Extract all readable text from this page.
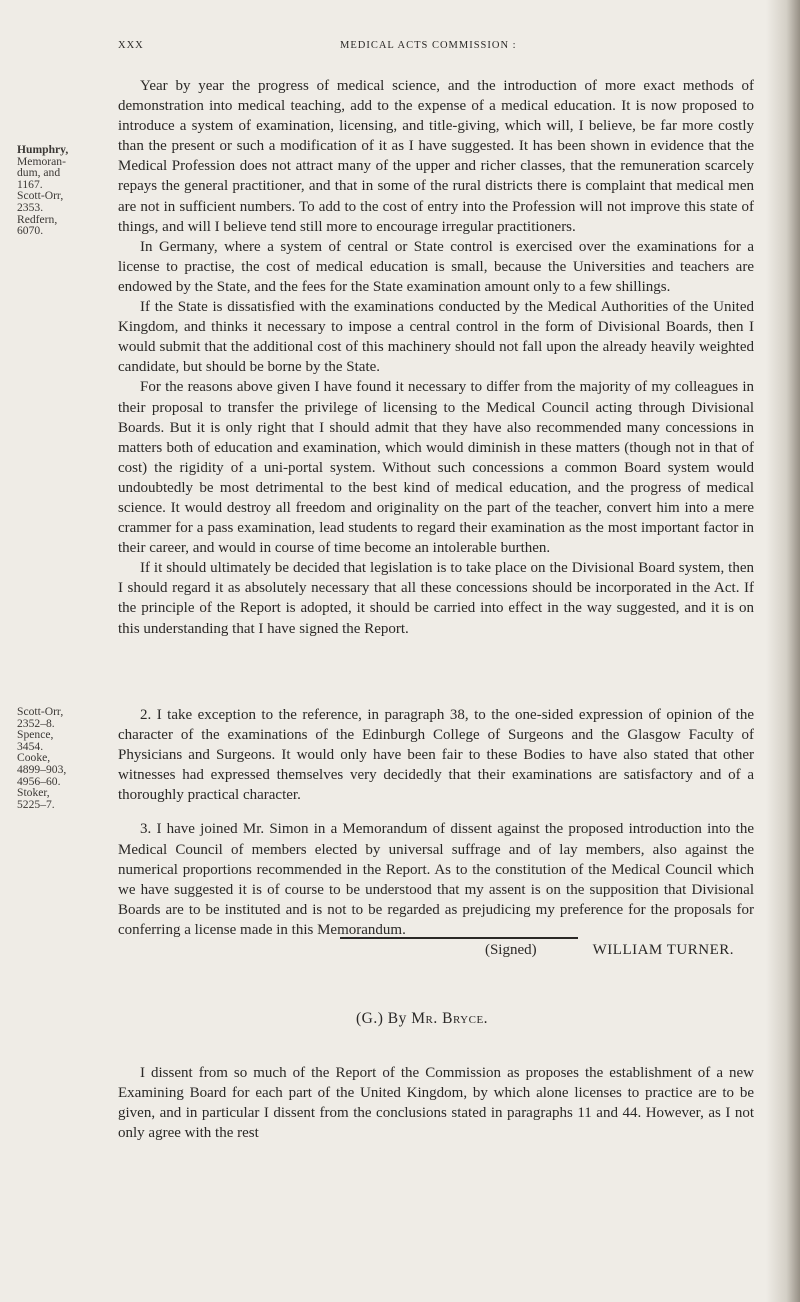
XXX	MEDICAL ACTS COMMISSION :
Humphry,
Memoran-
dum, and
1167.
Scott-Orr,
2353.
Redfern,
6070.
Scott-Orr,
2352–8.
Spence,
3454.
Cooke,
4899–903,
4956–60.
Stoker,
5225–7.

Year by year the progress of medical science, and the introduction of more exact methods of demonstration into medical teaching, add to the expense of a medical education. It is now proposed to introduce a system of examination, licensing, and title-giving, which will, I believe, be far more costly than the present or such a modification of it as I have suggested. It has been shown in evidence that the Medical Profession does not attract many of the upper and richer classes, that the remuneration scarcely repays the general practitioner, and that in some of the rural districts there is complaint that medical men are not in sufficient numbers. To add to the cost of entry into the Profession will not improve this state of things, and will I believe tend still more to encourage irregular practitioners.

In Germany, where a system of central or State control is exercised over the examinations for a license to practise, the cost of medical education is small, because the Universities and teachers are endowed by the State, and the fees for the State examination amount only to a few shillings.

If the State is dissatisfied with the examinations conducted by the Medical Authorities of the United Kingdom, and thinks it necessary to impose a central control in the form of Divisional Boards, then I would submit that the additional cost of this machinery should not fall upon the already heavily weighted candidate, but should be borne by the State.

For the reasons above given I have found it necessary to differ from the majority of my colleagues in their proposal to transfer the privilege of licensing to the Medical Council acting through Divisional Boards. But it is only right that I should admit that they have also recommended many concessions in matters both of education and examination, which would diminish in these matters (though not in that of cost) the rigidity of a uni-portal system. Without such concessions a common Board system would undoubtedly be most detrimental to the best kind of medical education, and the progress of medical science. It would destroy all freedom and originality on the part of the teacher, convert him into a mere crammer for a pass examination, lead students to regard their examination as the most important factor in their career, and would in course of time become an intolerable burthen.

If it should ultimately be decided that legislation is to take place on the Divisional Board system, then I should regard it as absolutely necessary that all these concessions should be incorporated in the Act. If the principle of the Report is adopted, it should be carried into effect in the way suggested, and it is on this understanding that I have signed the Report.

2. I take exception to the reference, in paragraph 38, to the one-sided expression of opinion of the character of the examinations of the Edinburgh College of Surgeons and the Glasgow Faculty of Physicians and Surgeons. It would only have been fair to these Bodies to have also stated that other witnesses had expressed themselves very decidedly that their examinations are satisfactory and of a thoroughly practical character.

3. I have joined Mr. Simon in a Memorandum of dissent against the proposed introduction into the Medical Council of members elected by universal suffrage and of lay members, also against the numerical proportions recommended in the Report. As to the constitution of the Medical Council which we have suggested it is of course to be understood that my assent is on the supposition that Divisional Boards are to be instituted and is not to be regarded as prejudicing my preference for the proposals for conferring a license made in this Memorandum.

(Signed)	WILLIAM TURNER.

(G.) By Mr. Bryce.

I dissent from so much of the Report of the Commission as proposes the establishment of a new Examining Board for each part of the United Kingdom, by which alone licenses to practice are to be given, and in particular I dissent from the conclusions stated in paragraphs 11 and 44. However, as I not only agree with the rest
